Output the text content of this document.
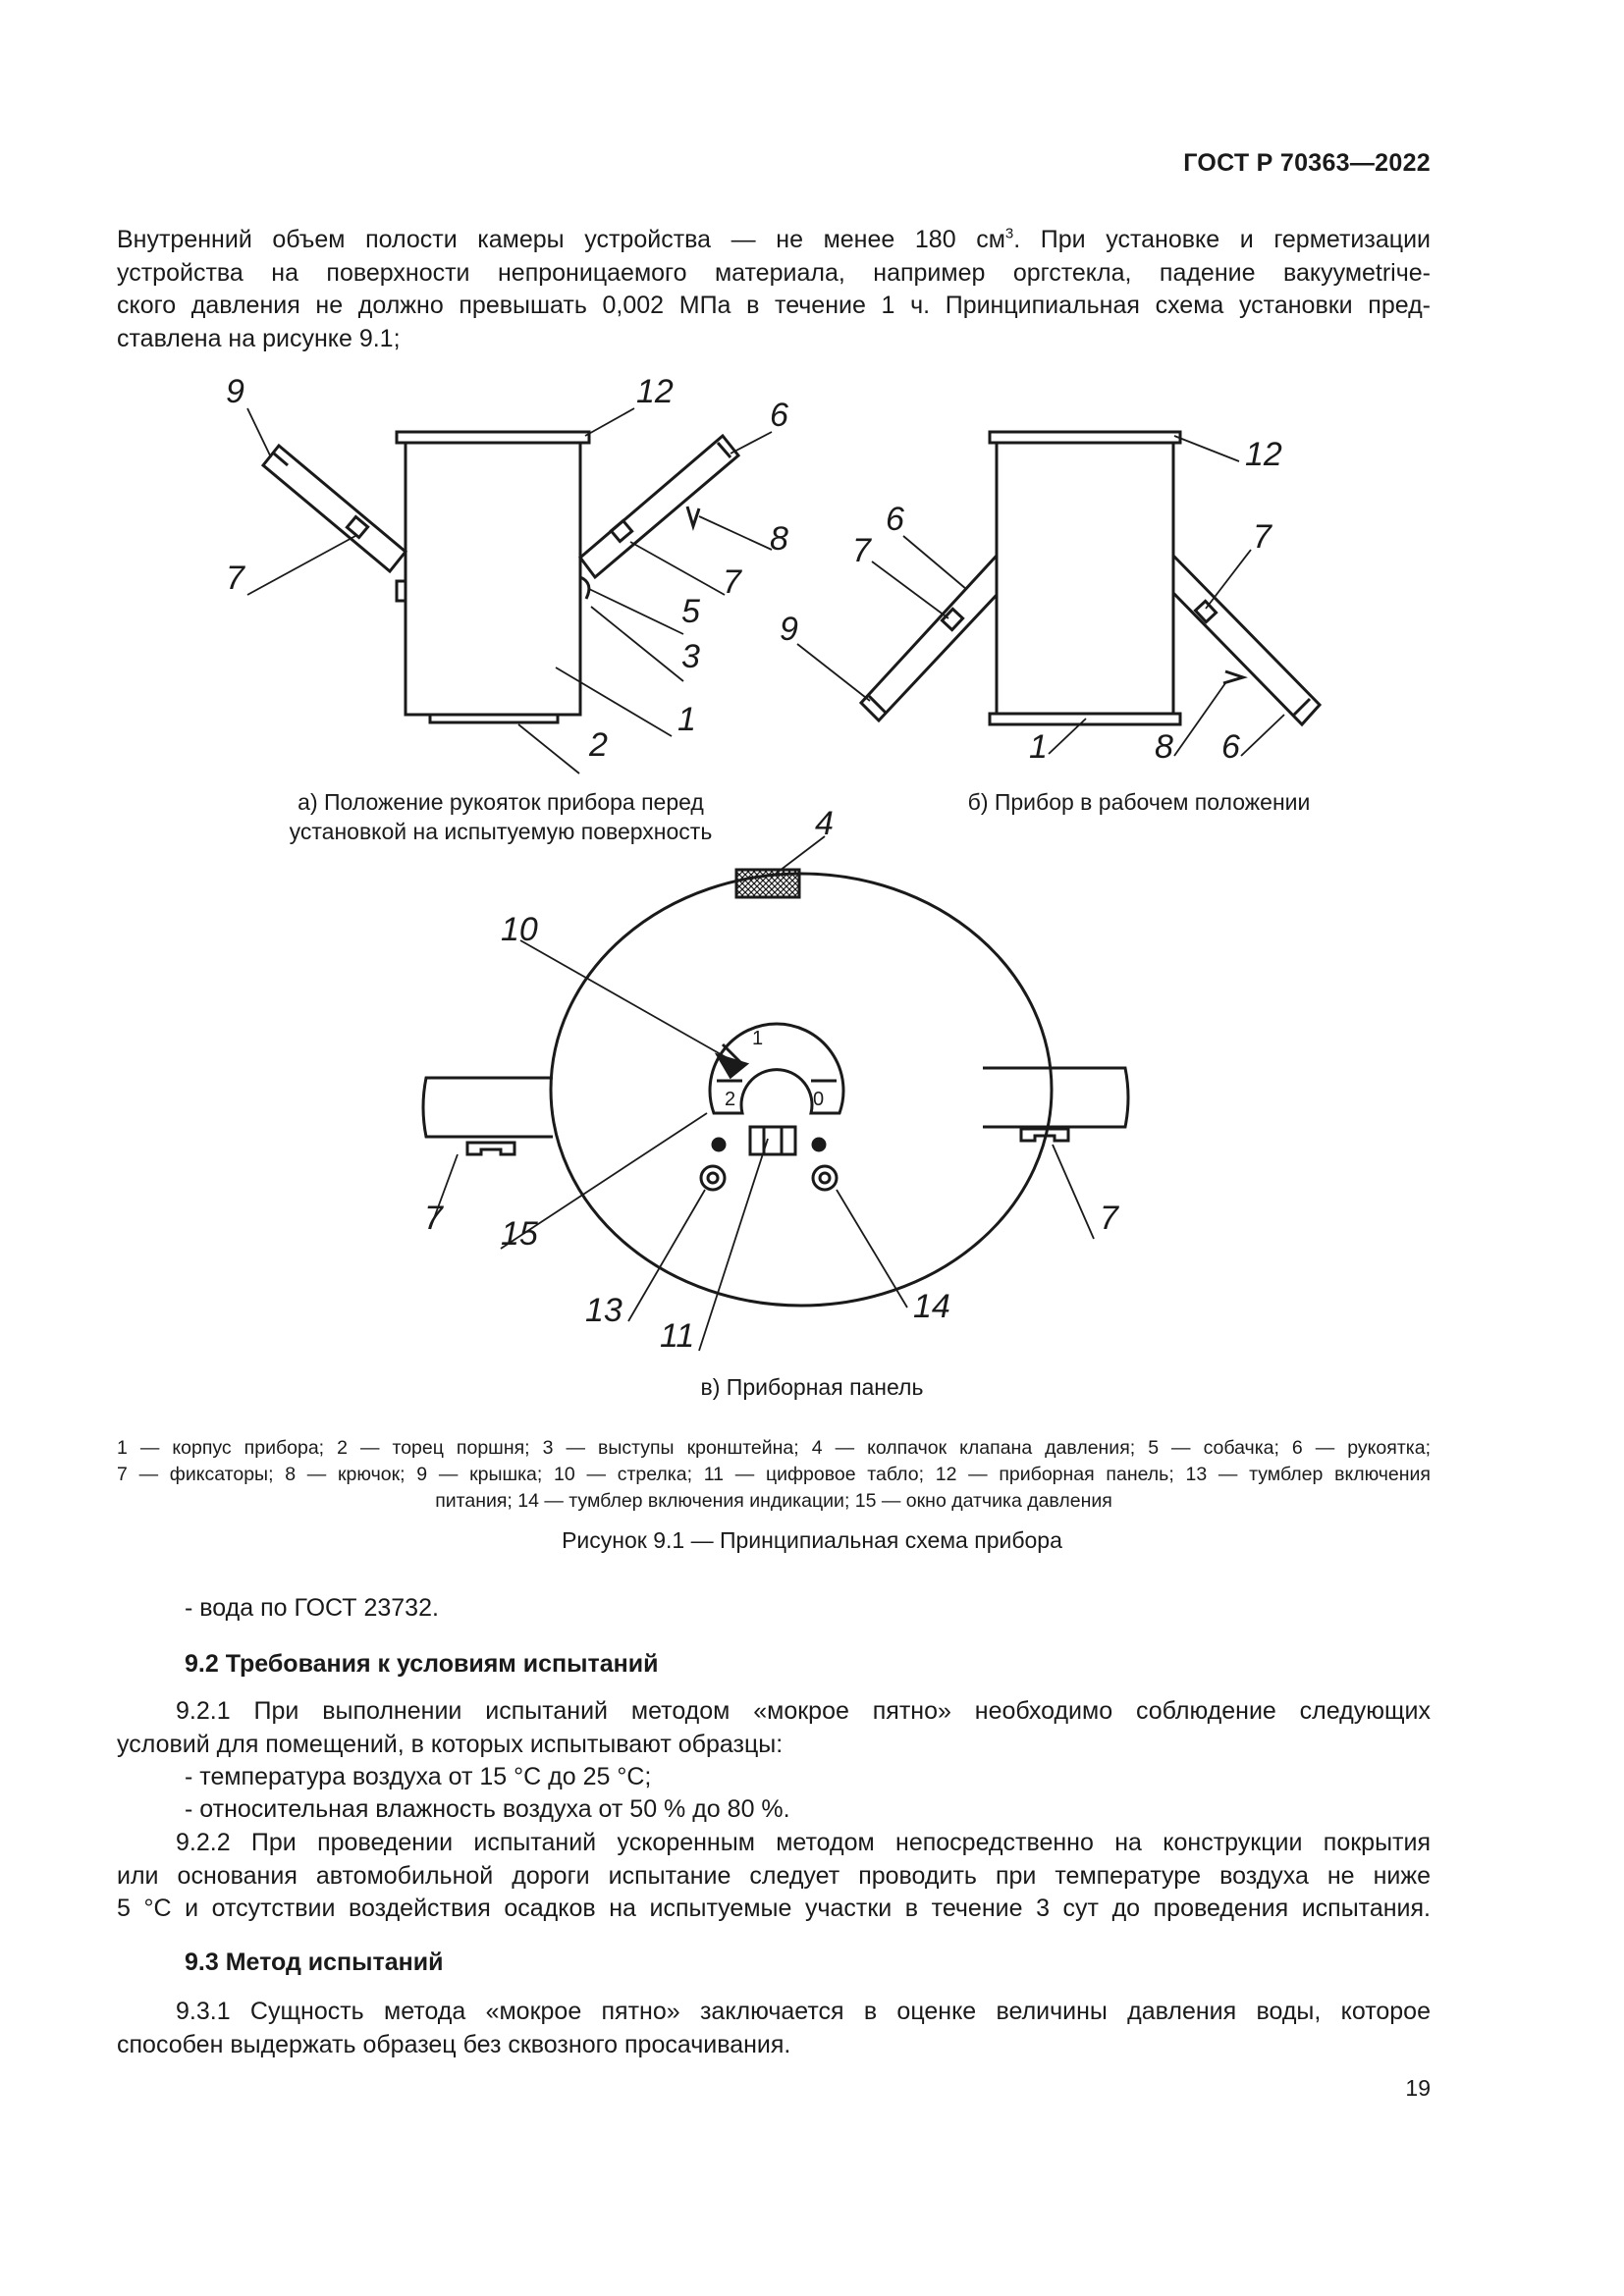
ГОСТ Р 70363—2022
Внутренний объем полости камеры устройства — не менее 180 $см^3$. При установке и герметизации
устройства на поверхности непроницаемого материала, например оргстекла, падение вакуумetriче-
ского давления не должно превышать 0,002 МПа в течение 1 ч. Принципиальная схема установки пред-
ставлена на рисунке 9.1;
9	12
6
7
8
7
5
3
1
2
12
6
7	7
9
1	8 6
1
2	0
4
10
7 15
13
11
14
7
а) Положение рукояток прибора перед
установкой на испытуемую поверхность
б) Прибор в рабочем положении
в) Приборная панель
1 — корпус прибора; 2 — торец поршня; 3 — выступы кронштейна; 4 — колпачок клапана давления; 5 — собачка; 6 — рукоятка;
7 — фиксаторы; 8 — крючок; 9 — крышка; 10 — стрелка; 11 — цифровое табло; 12 — приборная панель; 13 — тумблер включения
питания; 14 — тумблер включения индикации; 15 — окно датчика давления
Рисунок 9.1 — Принципиальная схема прибора
- вода по ГОСТ 23732.
9.2 Требования к условиям испытаний
9.2.1 При выполнении испытаний методом «мокрое пятно» необходимо соблюдение следующих
условий для помещений, в которых испытывают образцы:
- температура воздуха от 15 °С до 25 °С;
- относительная влажность воздуха от 50 % до 80 %.
9.2.2 При проведении испытаний ускоренным методом непосредственно на конструкции покрытия
или основания автомобильной дороги испытание следует проводить при температуре воздуха не ниже
5 °С и отсутствии воздействия осадков на испытуемые участки в течение 3 сут до проведения испытания.
9.3 Метод испытаний
9.3.1 Сущность метода «мокрое пятно» заключается в оценке величины давления воды, которое
способен выдержать образец без сквозного просачивания.
19
